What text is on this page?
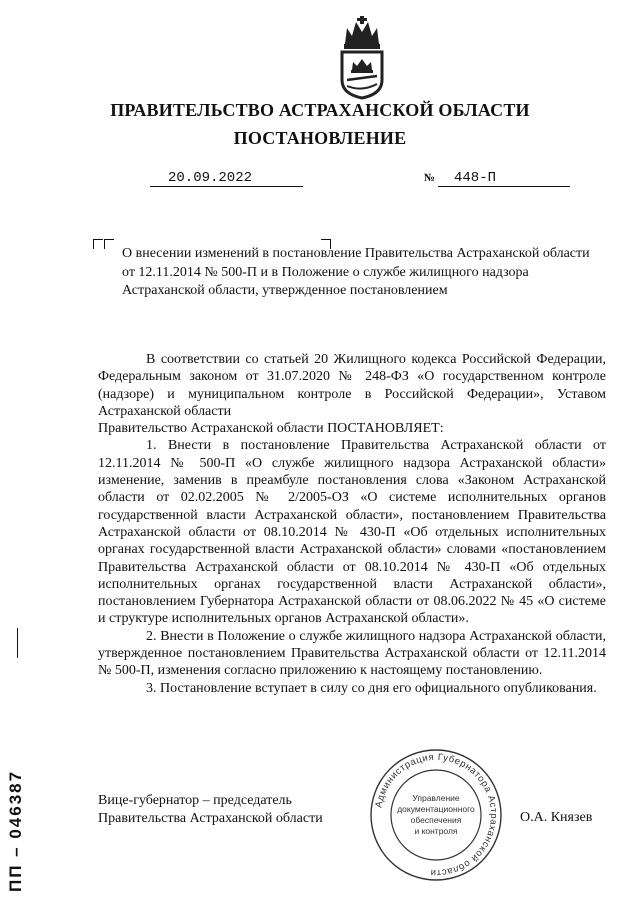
ПРАВИТЕЛЬСТВО АСТРАХАНСКОЙ ОБЛАСТИ
ПОСТАНОВЛЕНИЕ
20.09.2022	№ 448-П
О внесении изменений в постановление Правительства Астраханской области от 12.11.2014 № 500-П и в Положение о службе жилищного надзора Астраханской области, утвержденное постановлением

В соответствии со статьей 20 Жилищного кодекса Российской Федерации, Федеральным законом от 31.07.2020 № 248-ФЗ «О государственном контроле (надзоре) и муниципальном контроле в Российской Федерации», Уставом Астраханской области

Правительство Астраханской области ПОСТАНОВЛЯЕТ:

1. Внести в постановление Правительства Астраханской области от 12.11.2014 № 500-П «О службе жилищного надзора Астраханской области» изменение, заменив в преамбуле постановления слова «Законом Астраханской области от 02.02.2005 № 2/2005-ОЗ «О системе исполнительных органов государственной власти Астраханской области», постановлением Правительства Астраханской области от 08.10.2014 № 430-П «Об отдельных исполнительных органах государственной власти Астраханской области» словами «постановлением Правительства Астраханской области от 08.10.2014 № 430-П «Об отдельных исполнительных органах государственной власти Астраханской области», постановлением Губернатора Астраханской области от 08.06.2022 № 45 «О системе и структуре исполнительных органов Астраханской области».

2. Внести в Положение о службе жилищного надзора Астраханской области, утвержденное постановлением Правительства Астраханской области от 12.11.2014 № 500-П, изменения согласно приложению к настоящему постановлению.

3. Постановление вступает в силу со дня его официального опубликования.

Вице-губернатор – председатель
Правительства Астраханской области	О.А. Князев
Администрация Губернатора Астраханской области
Управление
документационного
обеспечения
и контроля
ПП – 046387
